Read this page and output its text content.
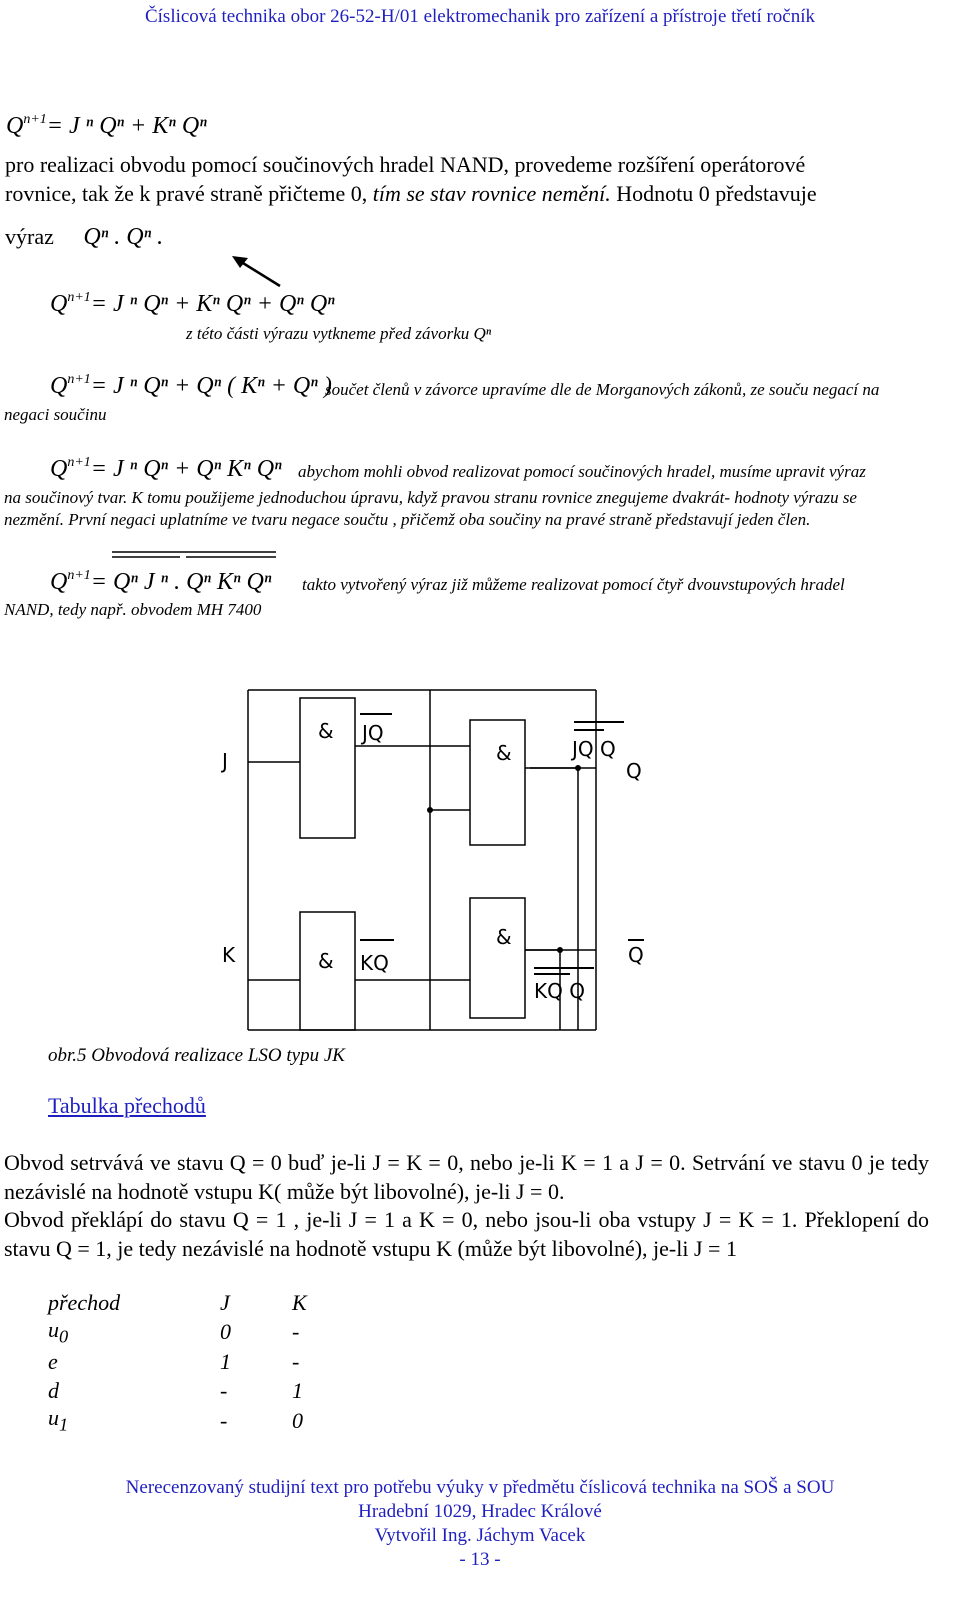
Číslicová technika obor 26-52-H/01 elektromechanik pro zařízení a přístroje třetí ročník
$Q^{n+1}= J$ ⁿ Qⁿ + Kⁿ Qⁿ
pro realizaci obvodu pomocí součinových hradel NAND, provedeme rozšíření operátorové
rovnice, tak že k pravé straně přičteme 0, tím se stav rovnice nemění. Hodnotu 0 představuje
výraz Qⁿ . Qⁿ .
$Q^{n+1}= J$ ⁿ Qⁿ + Kⁿ Qⁿ + Qⁿ Qⁿ
z této části výrazu vytkneme před závorku Qⁿ
$Q^{n+1}= J$ ⁿ Qⁿ + Qⁿ ( Kⁿ + Qⁿ )
součet členů v závorce upravíme dle de Morganových zákonů, ze souču negací na
negaci součinu
$Q^{n+1}= J$ ⁿ Qⁿ + Qⁿ Kⁿ Qⁿ abychom mohli obvod realizovat pomocí součinových hradel, musíme upravit výraz
na součinový tvar. K tomu použijeme jednoduchou úpravu, když pravou stranu rovnice znegujeme dvakrát- hodnoty výrazu se
nezmění. První negaci uplatníme ve tvaru negace součtu , přičemž oba součiny na pravé straně představují jeden člen.
$Q^{n+1}= Q^n$ J ⁿ . Qⁿ Kⁿ Qⁿ takto vytvořený výraz již můžeme realizovat pomocí čtyř dvouvstupových hradel
NAND, tedy např. obvodem MH 7400
J
K
&
&
&
&
JQ
JQ Q
Q
Q
KQ
KQ Q
obr.5 Obvodová realizace LSO typu JK
Tabulka přechodů
Obvod setrvává ve stavu Q = 0 buď je-li J = K = 0, nebo je-li K = 1 a J = 0. Setrvání ve stavu 0 je tedy nezávislé na hodnotě vstupu K( může být libovolné), je-li J = 0.
Obvod překlápí do stavu Q = 1 , je-li J = 1 a K = 0, nebo jsou-li oba vstupy J = K = 1. Překlopení do stavu Q = 1, je tedy nezávislé na hodnotě vstupu K (může být libovolné), je-li J = 1
přechod	J	K
$u_0$	0	-
e	1	-
d	-	1
$u_1$	-	0
Nerecenzovaný studijní text pro potřebu výuky v předmětu číslicová technika na SOŠ a SOU
Hradební 1029, Hradec Králové
Vytvořil Ing. Jáchym Vacek
- 13 -
